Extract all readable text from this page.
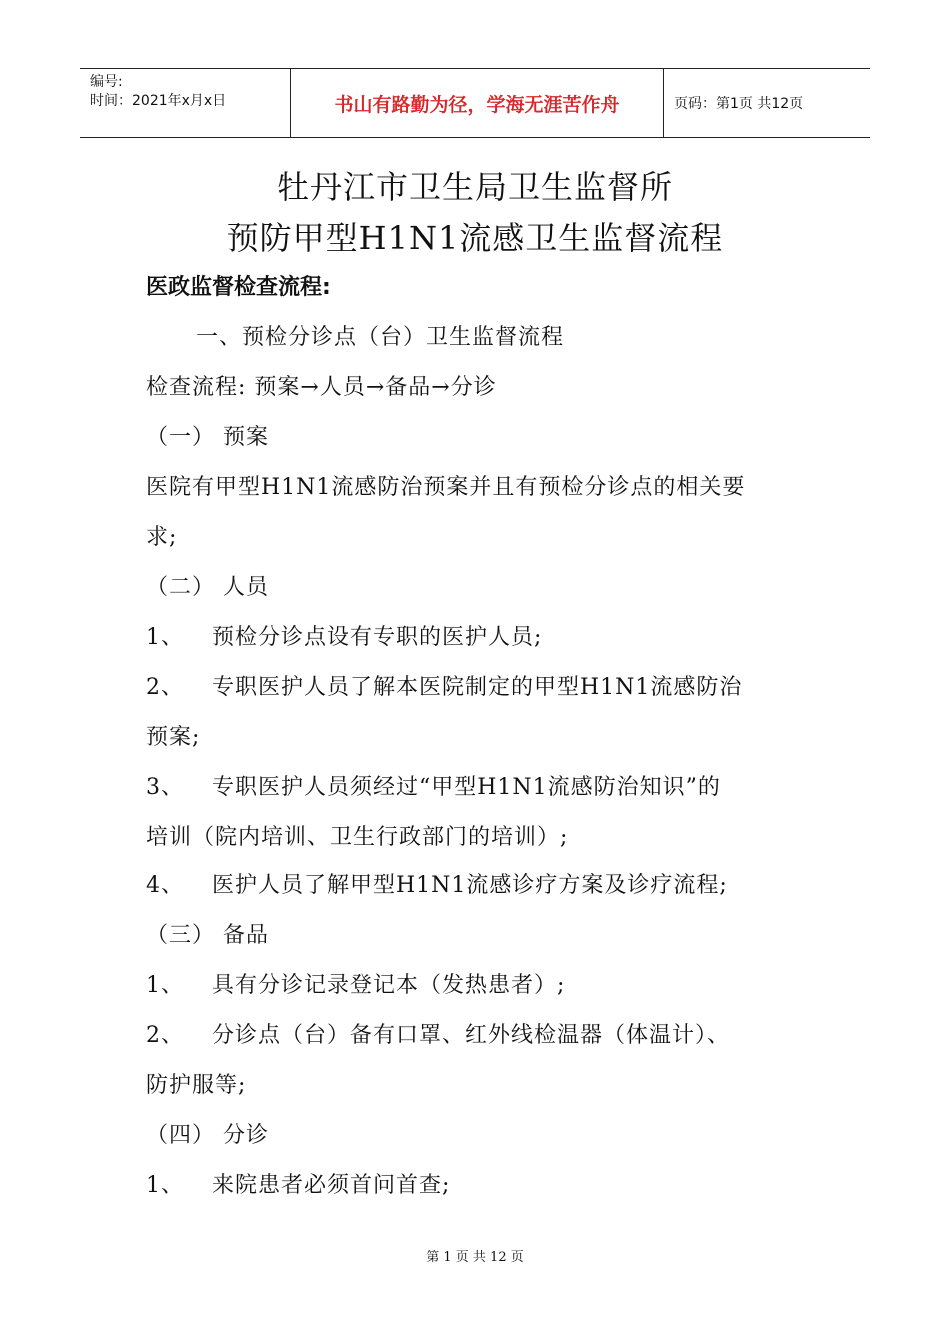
编号:
时间：2021年x月x日	书山有路勤为径，学海无涯苦作舟	页码：第1页 共12页
牡丹江市卫生局卫生监督所
预防甲型H1N1流感卫生监督流程
医政监督检查流程:
一、预检分诊点（台）卫生监督流程
检查流程: 预案→人员→备品→分诊
（一） 预案
医院有甲型H1N1流感防治预案并且有预检分诊点的相关要
求;
（二） 人员
1、 预检分诊点设有专职的医护人员;
2、 专职医护人员了解本医院制定的甲型H1N1流感防治
预案;
3、 专职医护人员须经过“甲型H1N1流感防治知识”的
培训（院内培训、卫生行政部门的培训）;
4、 医护人员了解甲型H1N1流感诊疗方案及诊疗流程;
（三） 备品
1、 具有分诊记录登记本（发热患者）;
2、 分诊点（台）备有口罩、红外线检温器（体温计）、
防护服等;
（四） 分诊
1、 来院患者必须首问首查;
第 1 页 共 12 页
